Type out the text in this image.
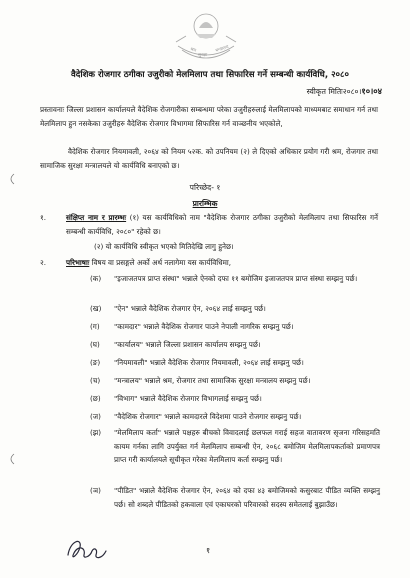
श्रम
सुरक्षा
मन्त्रालय
वैदेशिक रोजगार ठगीका उजुरीको मेलमिलाप तथा सिफारिस गर्ने सम्बन्धी कार्यविधि, २०८०
स्वीकृत मितिः२०८०।१०।०४
प्रस्तावनाः जिल्ला प्रशासन कार्यालयले वैदेशिक रोजगारीका सम्बन्धमा परेका उजुरीहरुलाई मेलमिलापको माध्यमबाट समाधान गर्न तथा मेलमिलाप हुन नसकेका उजुरीहरु वैदेशिक रोजगार विभागमा सिफारिस गर्न वाञ्छनीय भएकोले,
वैदेशिक रोजगार नियमावली, २०६४ को नियम ५२क. को उपनियम (२) ले दिएको अधिकार प्रयोग गरी श्रम, रोजगार तथा सामाजिक सुरक्षा मन्त्रालयले यो कार्यविधि बनाएको छ।
परिच्छेद- १
प्रारम्भिक
१.	संक्षिप्त नाम र प्रारम्भः (१) यस कार्यविधिको नाम "वैदेशिक रोजगार ठगीका उजुरीको मेलमिलाप तथा सिफारिस गर्ने सम्बन्धी कार्यविधि, २०८०" रहेको छ।
(२) यो कार्यविधि स्वीकृत भएको मितिदेखि लागु हुनेछ।
२.	परिभाषाः विषय वा प्रसङ्गले अर्को अर्थ नलागेमा यस कार्यविधिमा,
(क)	"इजाजतपत्र प्राप्त संस्था" भन्नाले ऐनको दफा ११ बमोजिम इजाजतपत्र प्राप्त संस्था सम्झनु पर्छ।
(ख)	"ऐन" भन्नाले वैदेशिक रोजगार ऐन, २०६४ लाई सम्झनु पर्छ।
(ग)	"कामदार" भन्नाले वैदेशिक रोजगार पाउने नेपाली नागरिक सम्झनु पर्छ।
(घ)	"कार्यालय" भन्नाले जिल्ला प्रशासन कार्यालय सम्झनु पर्छ।
(ङ)	"नियमावली" भन्नाले वैदेशिक रोजगार नियमावली, २०६४ लाई सम्झनु पर्छ।
(च)	"मन्त्रालय" भन्नाले श्रम, रोजगार तथा सामाजिक सुरक्षा मन्त्रालय सम्झनु पर्छ।
(छ)	"विभाग" भन्नाले वैदेशिक रोजगार विभागलाई सम्झनु पर्छ।
(ज)	"वैदेशिक रोजगार" भन्नाले कामदारले विदेशमा पाउने रोजगार सम्झनु पर्छ।
(झ)	"मेलमिलाप कर्ता" भन्नाले पक्षहरु बीचको विवादलाई छलफल गराई सहज वातावरण सृजना गरिसहमति कायम गर्नका लागि उपर्युक्त गर्न मेलमिलाप सम्बन्धी ऐन, २०६८ बमोजिम मेलमिलापकर्ताको प्रमाणपत्र प्राप्त गरी कार्यालयले सूचीकृत गरेका मेलमिलाप कर्ता सम्झनु पर्छ।
(ञ)	"पीडित" भन्नाले वैदेशिक रोजगार ऐन, २०६४ को दफा ४३ बमोजिमको कसुरबाट पीडित व्यक्ति सम्झनु पर्छ। सो शब्दले पीडितको हकवाला एवं एकाघरको परिवारको सदस्य समेतलाई बुझाउँछ।
१
